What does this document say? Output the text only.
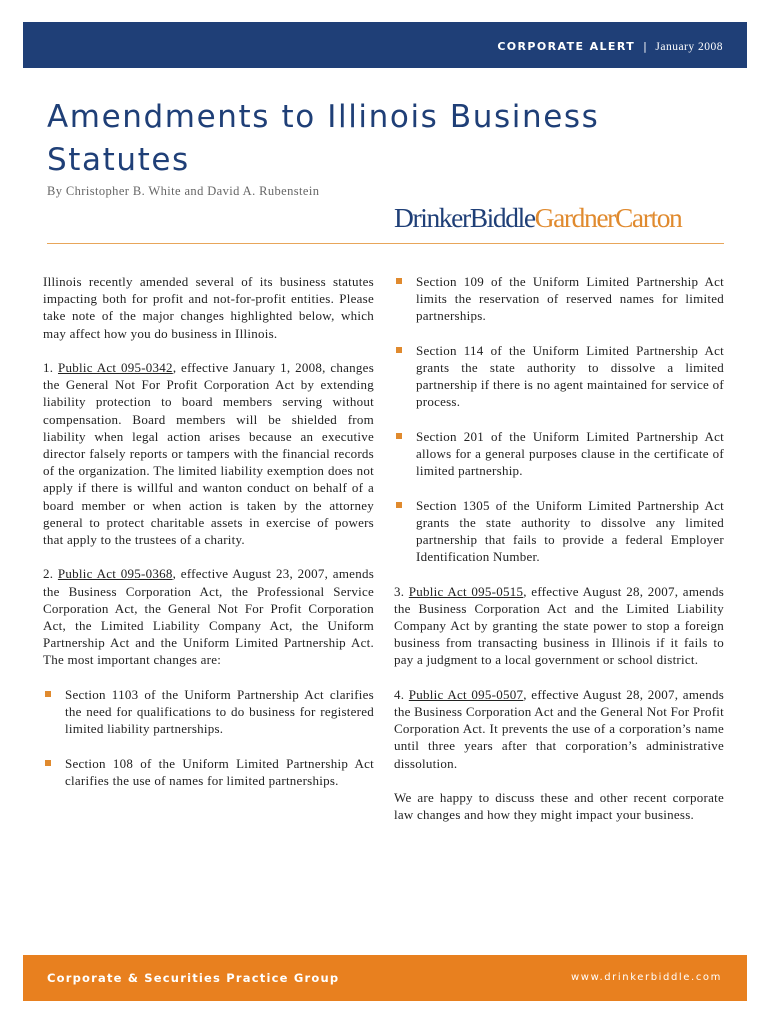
CORPORATE ALERT | January 2008
Amendments to Illinois Business Statutes
By Christopher B. White and David A. Rubenstein
DrinkerBiddleGardnerCarton

Illinois recently amended several of its business statutes impacting both for profit and not-for-profit entities. Please take note of the major changes highlighted below, which may affect how you do business in Illinois.

1. Public Act 095-0342, effective January 1, 2008, changes the General Not For Profit Corporation Act by extending liability protection to board members serving without compensation. Board members will be shielded from liability when legal action arises because an executive director falsely reports or tampers with the financial records of the organization. The limited liability exemption does not apply if there is willful and wanton conduct on behalf of a board member or when action is taken by the attorney general to protect charitable assets in exercise of powers that apply to the trustees of a charity.

2. Public Act 095-0368, effective August 23, 2007, amends the Business Corporation Act, the Professional Service Corporation Act, the General Not For Profit Corporation Act, the Limited Liability Company Act, the Uniform Partnership Act and the Uniform Limited Partnership Act. The most important changes are:

Section 1103 of the Uniform Partnership Act clarifies the need for qualifications to do business for registered limited liability partnerships.

Section 108 of the Uniform Limited Partnership Act clarifies the use of names for limited partnerships.

Section 109 of the Uniform Limited Partnership Act limits the reservation of reserved names for limited partnerships.

Section 114 of the Uniform Limited Partnership Act grants the state authority to dissolve a limited partnership if there is no agent maintained for service of process.

Section 201 of the Uniform Limited Partnership Act allows for a general purposes clause in the certificate of limited partnership.

Section 1305 of the Uniform Limited Partnership Act grants the state authority to dissolve any limited partnership that fails to provide a federal Employer Identification Number.

3. Public Act 095-0515, effective August 28, 2007, amends the Business Corporation Act and the Limited Liability Company Act by granting the state power to stop a foreign business from transacting business in Illinois if it fails to pay a judgment to a local government or school district.

4. Public Act 095-0507, effective August 28, 2007, amends the Business Corporation Act and the General Not For Profit Corporation Act. It prevents the use of a corporation’s name until three years after that corporation’s administrative dissolution.

We are happy to discuss these and other recent corporate law changes and how they might impact your business.

Corporate & Securities Practice Group	www.drinkerbiddle.com
